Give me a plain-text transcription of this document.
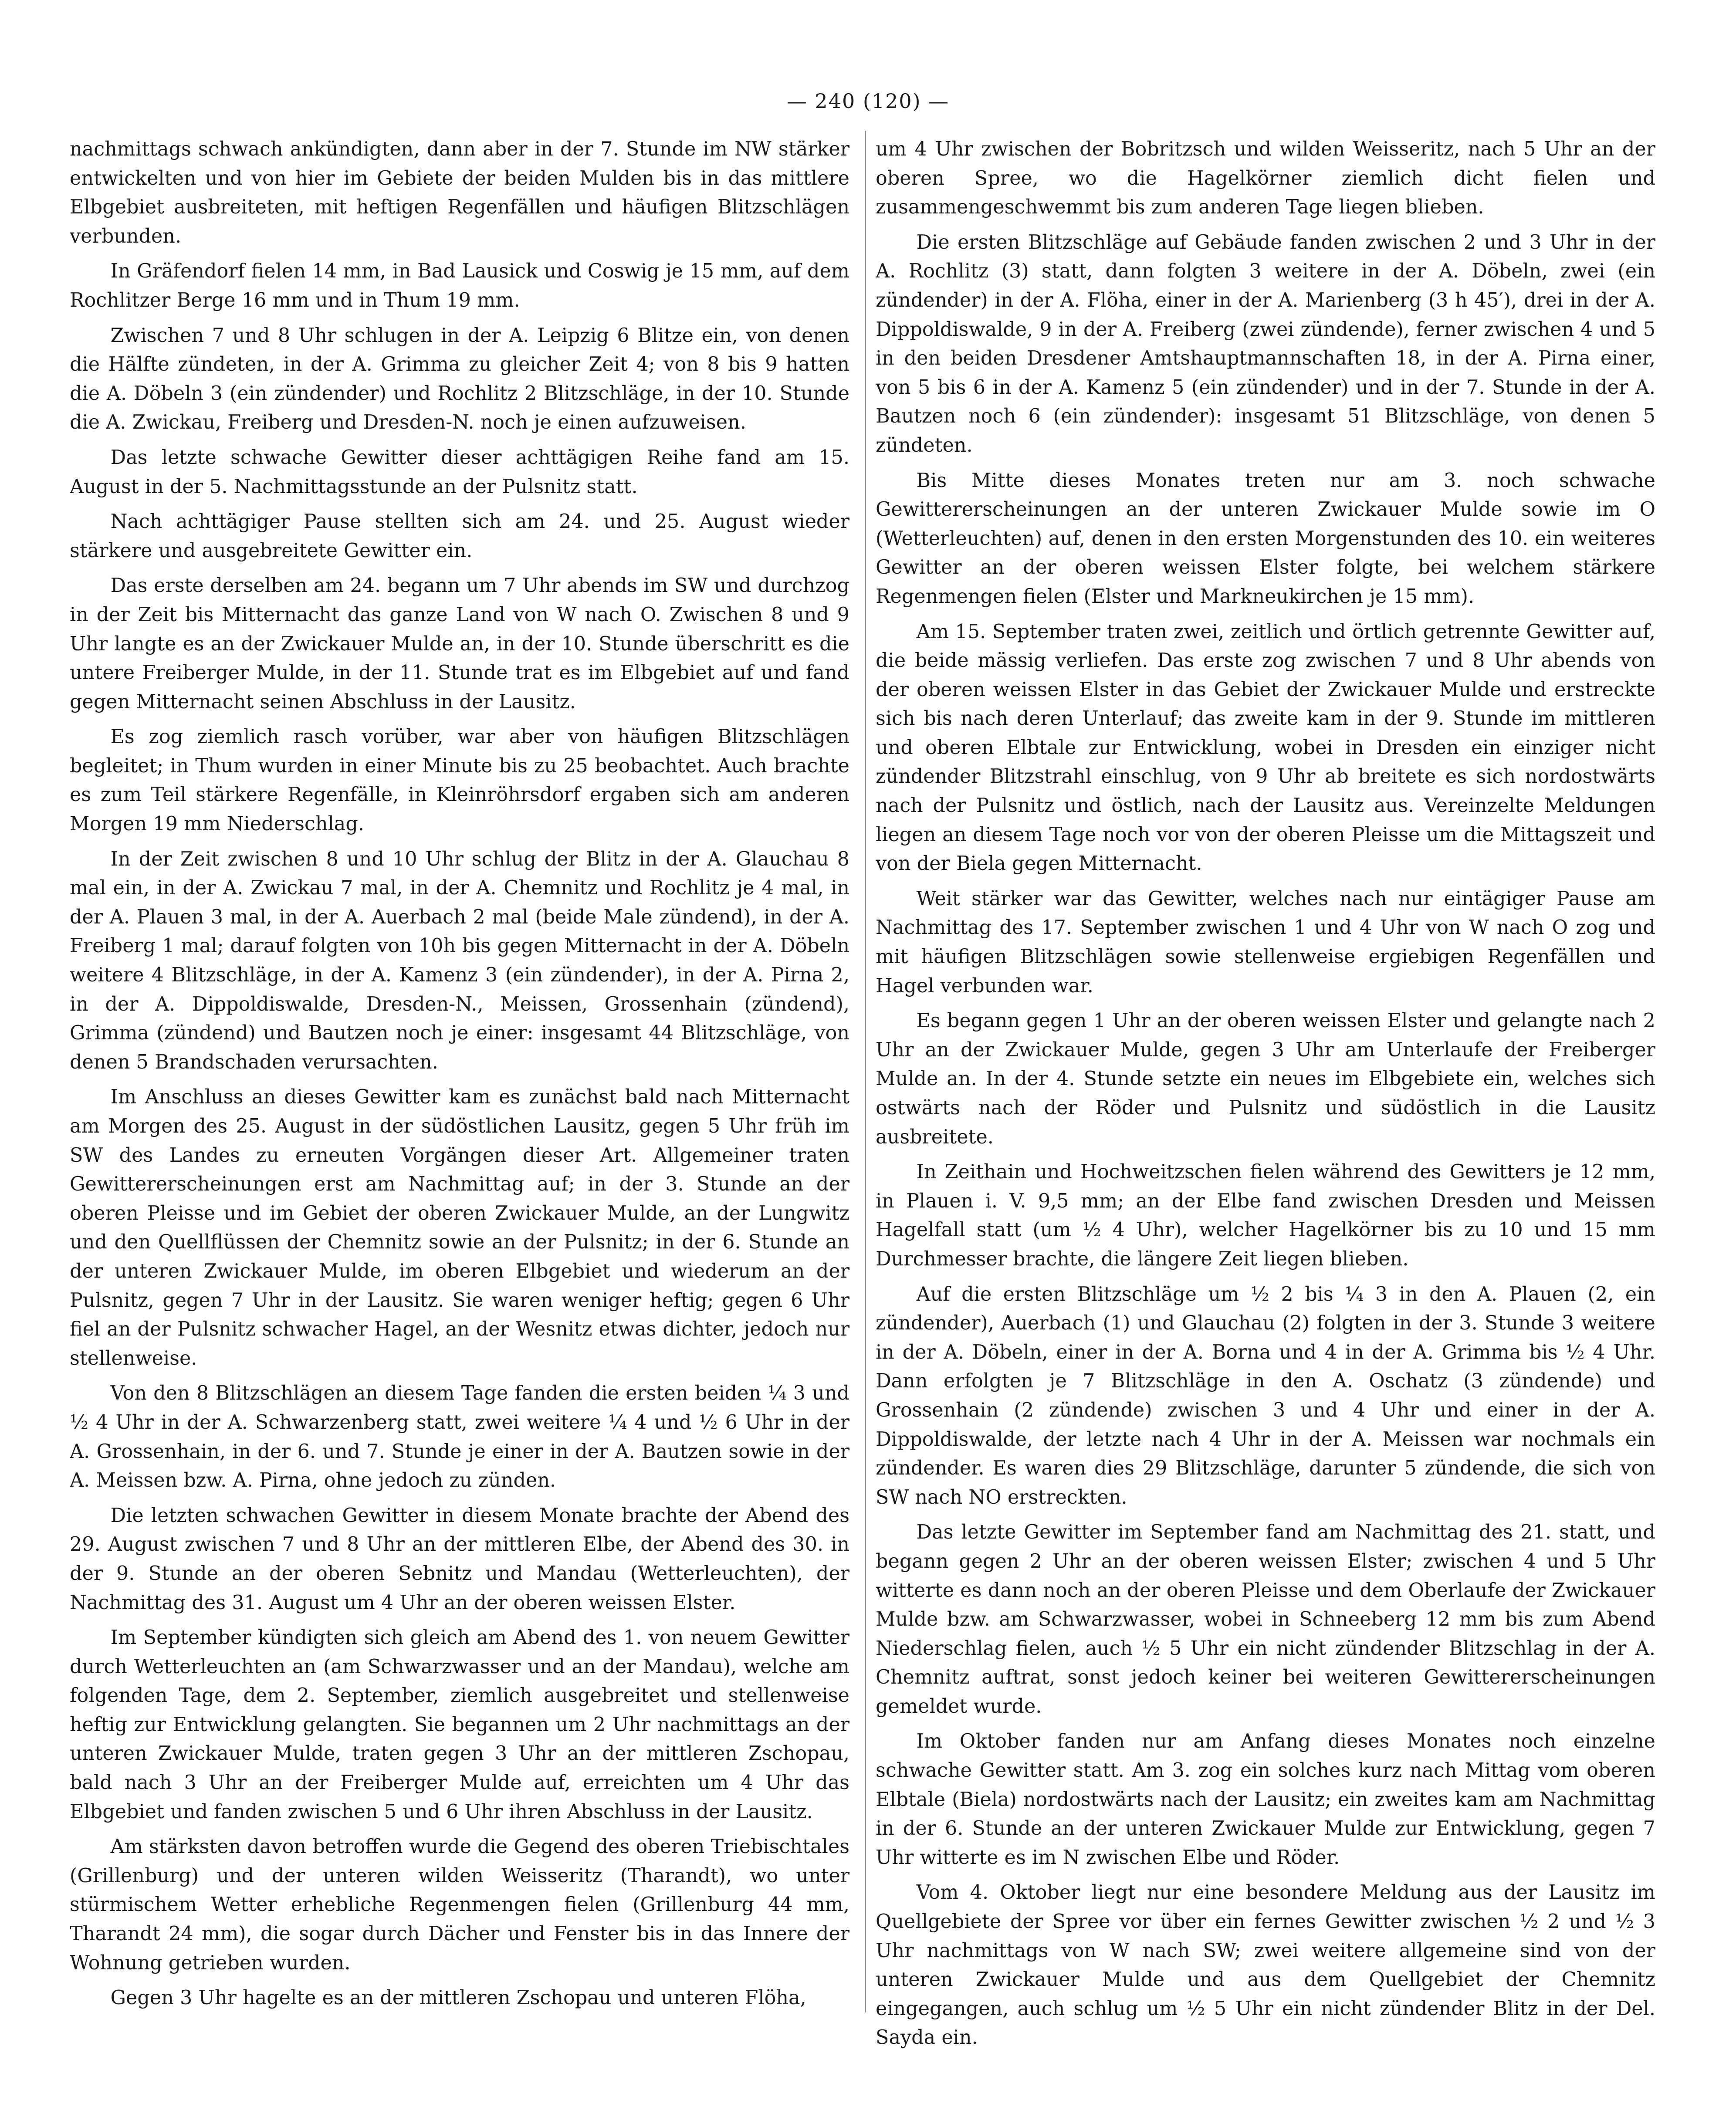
— 240 (120) —

nachmittags schwach ankündigten, dann aber in der 7. Stunde im NW stärker entwickelten und von hier im Gebiete der beiden Mulden bis in das mittlere Elbgebiet ausbreiteten, mit heftigen Regenfällen und häufigen Blitzschlägen verbunden.

In Gräfendorf fielen 14 mm, in Bad Lausick und Coswig je 15 mm, auf dem Rochlitzer Berge 16 mm und in Thum 19 mm.

Zwischen 7 und 8 Uhr schlugen in der A. Leipzig 6 Blitze ein, von denen die Hälfte zündeten, in der A. Grimma zu gleicher Zeit 4; von 8 bis 9 hatten die A. Döbeln 3 (ein zündender) und Rochlitz 2 Blitzschläge, in der 10. Stunde die A. Zwickau, Freiberg und Dresden-N. noch je einen aufzuweisen.

Das letzte schwache Gewitter dieser achttägigen Reihe fand am 15. August in der 5. Nachmittagsstunde an der Pulsnitz statt.

Nach achttägiger Pause stellten sich am 24. und 25. August wieder stärkere und ausgebreitete Gewitter ein.

Das erste derselben am 24. begann um 7 Uhr abends im SW und durchzog in der Zeit bis Mitternacht das ganze Land von W nach O. Zwischen 8 und 9 Uhr langte es an der Zwickauer Mulde an, in der 10. Stunde überschritt es die untere Freiberger Mulde, in der 11. Stunde trat es im Elbgebiet auf und fand gegen Mitternacht seinen Abschluss in der Lausitz.

Es zog ziemlich rasch vorüber, war aber von häufigen Blitzschlägen begleitet; in Thum wurden in einer Minute bis zu 25 beobachtet. Auch brachte es zum Teil stärkere Regenfälle, in Kleinröhrsdorf ergaben sich am anderen Morgen 19 mm Niederschlag.

In der Zeit zwischen 8 und 10 Uhr schlug der Blitz in der A. Glauchau 8 mal ein, in der A. Zwickau 7 mal, in der A. Chemnitz und Rochlitz je 4 mal, in der A. Plauen 3 mal, in der A. Auerbach 2 mal (beide Male zündend), in der A. Freiberg 1 mal; darauf folgten von 10h bis gegen Mitternacht in der A. Döbeln weitere 4 Blitzschläge, in der A. Kamenz 3 (ein zündender), in der A. Pirna 2, in der A. Dippoldiswalde, Dresden-N., Meissen, Grossenhain (zündend), Grimma (zündend) und Bautzen noch je einer: insgesamt 44 Blitzschläge, von denen 5 Brandschaden verursachten.

Im Anschluss an dieses Gewitter kam es zunächst bald nach Mitternacht am Morgen des 25. August in der südöstlichen Lausitz, gegen 5 Uhr früh im SW des Landes zu erneuten Vorgängen dieser Art. Allgemeiner traten Gewittererscheinungen erst am Nachmittag auf; in der 3. Stunde an der oberen Pleisse und im Gebiet der oberen Zwickauer Mulde, an der Lungwitz und den Quellflüssen der Chemnitz sowie an der Pulsnitz; in der 6. Stunde an der unteren Zwickauer Mulde, im oberen Elbgebiet und wiederum an der Pulsnitz, gegen 7 Uhr in der Lausitz. Sie waren weniger heftig; gegen 6 Uhr fiel an der Pulsnitz schwacher Hagel, an der Wesnitz etwas dichter, jedoch nur stellenweise.

Von den 8 Blitzschlägen an diesem Tage fanden die ersten beiden ¼ 3 und ½ 4 Uhr in der A. Schwarzenberg statt, zwei weitere ¼ 4 und ½ 6 Uhr in der A. Grossenhain, in der 6. und 7. Stunde je einer in der A. Bautzen sowie in der A. Meissen bzw. A. Pirna, ohne jedoch zu zünden.

Die letzten schwachen Gewitter in diesem Monate brachte der Abend des 29. August zwischen 7 und 8 Uhr an der mittleren Elbe, der Abend des 30. in der 9. Stunde an der oberen Sebnitz und Mandau (Wetterleuchten), der Nachmittag des 31. August um 4 Uhr an der oberen weissen Elster.

Im September kündigten sich gleich am Abend des 1. von neuem Gewitter durch Wetterleuchten an (am Schwarzwasser und an der Mandau), welche am folgenden Tage, dem 2. September, ziemlich ausgebreitet und stellenweise heftig zur Entwicklung gelangten. Sie begannen um 2 Uhr nachmittags an der unteren Zwickauer Mulde, traten gegen 3 Uhr an der mittleren Zschopau, bald nach 3 Uhr an der Freiberger Mulde auf, erreichten um 4 Uhr das Elbgebiet und fanden zwischen 5 und 6 Uhr ihren Abschluss in der Lausitz.

Am stärksten davon betroffen wurde die Gegend des oberen Triebischtales (Grillenburg) und der unteren wilden Weisseritz (Tharandt), wo unter stürmischem Wetter erhebliche Regenmengen fielen (Grillenburg 44 mm, Tharandt 24 mm), die sogar durch Dächer und Fenster bis in das Innere der Wohnung getrieben wurden.

Gegen 3 Uhr hagelte es an der mittleren Zschopau und unteren Flöha,

um 4 Uhr zwischen der Bobritzsch und wilden Weisseritz, nach 5 Uhr an der oberen Spree, wo die Hagelkörner ziemlich dicht fielen und zusammengeschwemmt bis zum anderen Tage liegen blieben.

Die ersten Blitzschläge auf Gebäude fanden zwischen 2 und 3 Uhr in der A. Rochlitz (3) statt, dann folgten 3 weitere in der A. Döbeln, zwei (ein zündender) in der A. Flöha, einer in der A. Marienberg (3 h 45′), drei in der A. Dippoldiswalde, 9 in der A. Freiberg (zwei zündende), ferner zwischen 4 und 5 in den beiden Dresdener Amtshauptmannschaften 18, in der A. Pirna einer, von 5 bis 6 in der A. Kamenz 5 (ein zündender) und in der 7. Stunde in der A. Bautzen noch 6 (ein zündender): insgesamt 51 Blitzschläge, von denen 5 zündeten.

Bis Mitte dieses Monates treten nur am 3. noch schwache Gewittererscheinungen an der unteren Zwickauer Mulde sowie im O (Wetterleuchten) auf, denen in den ersten Morgenstunden des 10. ein weiteres Gewitter an der oberen weissen Elster folgte, bei welchem stärkere Regenmengen fielen (Elster und Markneukirchen je 15 mm).

Am 15. September traten zwei, zeitlich und örtlich getrennte Gewitter auf, die beide mässig verliefen. Das erste zog zwischen 7 und 8 Uhr abends von der oberen weissen Elster in das Gebiet der Zwickauer Mulde und erstreckte sich bis nach deren Unterlauf; das zweite kam in der 9. Stunde im mittleren und oberen Elbtale zur Entwicklung, wobei in Dresden ein einziger nicht zündender Blitzstrahl einschlug, von 9 Uhr ab breitete es sich nordostwärts nach der Pulsnitz und östlich, nach der Lausitz aus. Vereinzelte Meldungen liegen an diesem Tage noch vor von der oberen Pleisse um die Mittagszeit und von der Biela gegen Mitternacht.

Weit stärker war das Gewitter, welches nach nur eintägiger Pause am Nachmittag des 17. September zwischen 1 und 4 Uhr von W nach O zog und mit häufigen Blitzschlägen sowie stellenweise ergiebigen Regenfällen und Hagel verbunden war.

Es begann gegen 1 Uhr an der oberen weissen Elster und gelangte nach 2 Uhr an der Zwickauer Mulde, gegen 3 Uhr am Unterlaufe der Freiberger Mulde an. In der 4. Stunde setzte ein neues im Elbgebiete ein, welches sich ostwärts nach der Röder und Pulsnitz und südöstlich in die Lausitz ausbreitete.

In Zeithain und Hochweitzschen fielen während des Gewitters je 12 mm, in Plauen i. V. 9,5 mm; an der Elbe fand zwischen Dresden und Meissen Hagelfall statt (um ½ 4 Uhr), welcher Hagelkörner bis zu 10 und 15 mm Durchmesser brachte, die längere Zeit liegen blieben.

Auf die ersten Blitzschläge um ½ 2 bis ¼ 3 in den A. Plauen (2, ein zündender), Auerbach (1) und Glauchau (2) folgten in der 3. Stunde 3 weitere in der A. Döbeln, einer in der A. Borna und 4 in der A. Grimma bis ½ 4 Uhr. Dann erfolgten je 7 Blitzschläge in den A. Oschatz (3 zündende) und Grossenhain (2 zündende) zwischen 3 und 4 Uhr und einer in der A. Dippoldiswalde, der letzte nach 4 Uhr in der A. Meissen war nochmals ein zündender. Es waren dies 29 Blitzschläge, darunter 5 zündende, die sich von SW nach NO erstreckten.

Das letzte Gewitter im September fand am Nachmittag des 21. statt, und begann gegen 2 Uhr an der oberen weissen Elster; zwischen 4 und 5 Uhr witterte es dann noch an der oberen Pleisse und dem Oberlaufe der Zwickauer Mulde bzw. am Schwarzwasser, wobei in Schneeberg 12 mm bis zum Abend Niederschlag fielen, auch ½ 5 Uhr ein nicht zündender Blitzschlag in der A. Chemnitz auftrat, sonst jedoch keiner bei weiteren Gewittererscheinungen gemeldet wurde.

Im Oktober fanden nur am Anfang dieses Monates noch einzelne schwache Gewitter statt. Am 3. zog ein solches kurz nach Mittag vom oberen Elbtale (Biela) nordostwärts nach der Lausitz; ein zweites kam am Nachmittag in der 6. Stunde an der unteren Zwickauer Mulde zur Entwicklung, gegen 7 Uhr witterte es im N zwischen Elbe und Röder.

Vom 4. Oktober liegt nur eine besondere Meldung aus der Lausitz im Quellgebiete der Spree vor über ein fernes Gewitter zwischen ½ 2 und ½ 3 Uhr nachmittags von W nach SW; zwei weitere allgemeine sind von der unteren Zwickauer Mulde und aus dem Quellgebiet der Chemnitz eingegangen, auch schlug um ½ 5 Uhr ein nicht zündender Blitz in der Del. Sayda ein.
